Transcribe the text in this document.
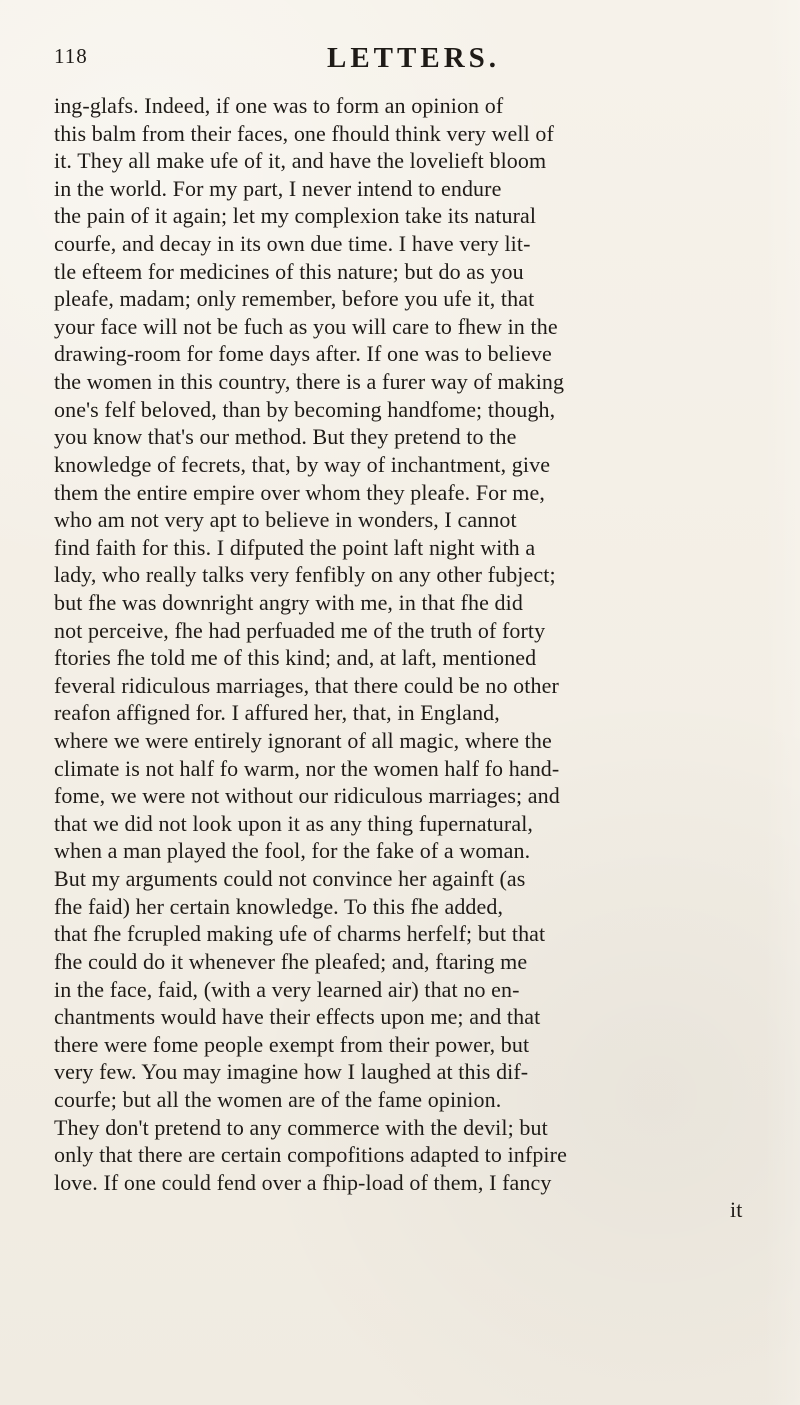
118	LETTERS.
ing-glafs. Indeed, if one was to form an opinion of
this balm from their faces, one fhould think very well of
it. They all make ufe of it, and have the lovelieft bloom
in the world. For my part, I never intend to endure
the pain of it again; let my complexion take its natural
courfe, and decay in its own due time. I have very lit-
tle efteem for medicines of this nature; but do as you
pleafe, madam; only remember, before you ufe it, that
your face will not be fuch as you will care to fhew in the
drawing-room for fome days after. If one was to believe
the women in this country, there is a furer way of making
one's felf beloved, than by becoming handfome; though,
you know that's our method. But they pretend to the
knowledge of fecrets, that, by way of inchantment, give
them the entire empire over whom they pleafe. For me,
who am not very apt to believe in wonders, I cannot
find faith for this. I difputed the point laft night with a
lady, who really talks very fenfibly on any other fubject;
but fhe was downright angry with me, in that fhe did
not perceive, fhe had perfuaded me of the truth of forty
ftories fhe told me of this kind; and, at laft, mentioned
feveral ridiculous marriages, that there could be no other
reafon affigned for. I affured her, that, in England,
where we were entirely ignorant of all magic, where the
climate is not half fo warm, nor the women half fo hand-
fome, we were not without our ridiculous marriages; and
that we did not look upon it as any thing fupernatural,
when a man played the fool, for the fake of a woman.
But my arguments could not convince her againft (as
fhe faid) her certain knowledge. To this fhe added,
that fhe fcrupled making ufe of charms herfelf; but that
fhe could do it whenever fhe pleafed; and, ftaring me
in the face, faid, (with a very learned air) that no en-
chantments would have their effects upon me; and that
there were fome people exempt from their power, but
very few. You may imagine how I laughed at this dif-
courfe; but all the women are of the fame opinion.
They don't pretend to any commerce with the devil; but
only that there are certain compofitions adapted to infpire
love. If one could fend over a fhip-load of them, I fancy
it
